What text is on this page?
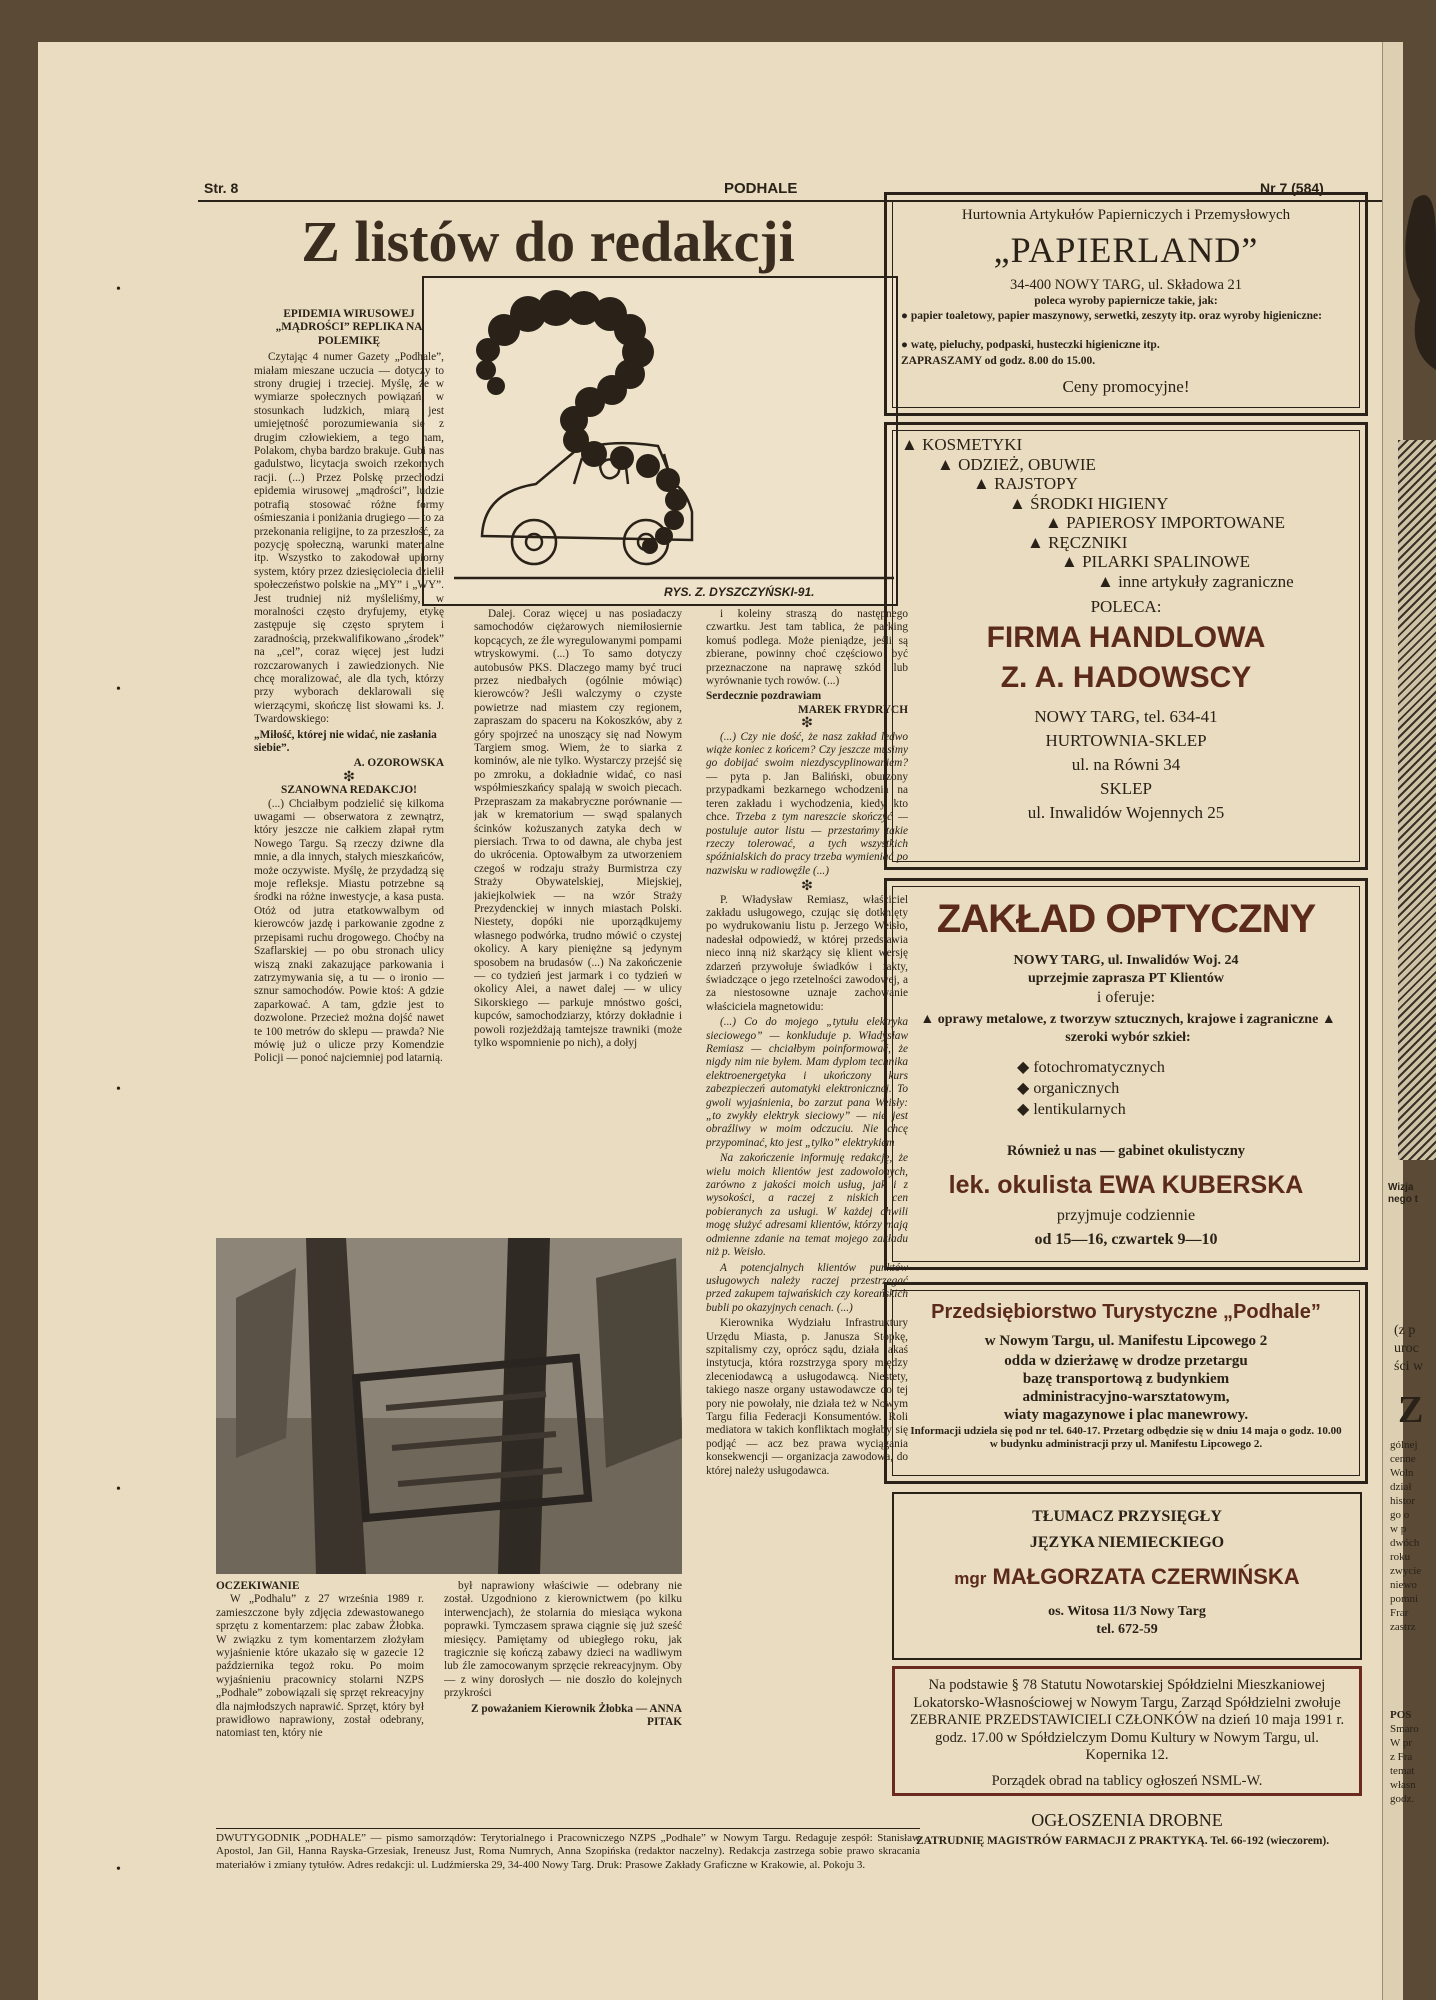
Str. 8	PODHALE	Nr 7 (584)
Z listów do redakcji
RYS. Z. DYSZCZYŃSKI-91.
EPIDEMIA WIRUSOWEJ „MĄDROŚCI” REPLIKA NA POLEMIKĘ

Czytając 4 numer Gazety „Podhale”, miałam mieszane uczucia — dotyczy to strony drugiej i trzeciej. Myślę, że w wymiarze społecznych powiązań, w stosunkach ludzkich, miarą jest umiejętność porozumiewania się z drugim człowiekiem, a tego nam, Polakom, chyba bardzo brakuje. Gubi nas gadulstwo, licytacja swoich rzekomych racji. (...) Przez Polskę przechodzi epidemia wirusowej „mądrości”, ludzie potrafią stosować różne formy ośmieszania i poniżania drugiego — to za przekonania religijne, to za przeszłość, za pozycję społeczną, warunki materialne itp. Wszystko to zakodował upiorny system, który przez dziesięciolecia dzielił społeczeństwo polskie na „MY” i „WY”. Jest trudniej niż myśleliśmy, w moralności często dryfujemy, etykę zastępuje się często sprytem i zaradnością, przekwalifikowano „środek” na „cel”, coraz więcej jest ludzi rozczarowanych i zawiedzionych. Nie chcę moralizować, ale dla tych, którzy przy wyborach deklarowali się wierzącymi, skończę list słowami ks. J. Twardowskiego:

„Miłość, której nie widać, nie zasłania siebie”.

A. OZOROWSKA
❇
SZANOWNA REDAKCJO!

(...) Chciałbym podzielić się kilkoma uwagami — obserwatora z zewnątrz, który jeszcze nie całkiem złapał rytm Nowego Targu. Są rzeczy dziwne dla mnie, a dla innych, stałych mieszkańców, może oczywiste. Myślę, że przydadzą się moje refleksje. Miastu potrzebne są środki na różne inwestycje, a kasa pusta. Otóż od jutra etatkowwalbym od kierowców jazdę i parkowanie zgodne z przepisami ruchu drogowego. Choćby na Szaflarskiej — po obu stronach ulicy wiszą znaki zakazujące parkowania i zatrzymywania się, a tu — o ironio — sznur samochodów. Powie ktoś: A gdzie zaparkować. A tam, gdzie jest to dozwolone. Przecież można dojść nawet te 100 metrów do sklepu — prawda? Nie mówię już o ulicze przy Komendzie Policji — ponoć najciemniej pod latarnią.

Dalej. Coraz więcej u nas posiadaczy samochodów ciężarowych niemiłosiernie kopcących, ze źle wyregulowanymi pompami wtryskowymi. (...) To samo dotyczy autobusów PKS. Dlaczego mamy być truci przez niedbałych (ogólnie mówiąc) kierowców? Jeśli walczymy o czyste powietrze nad miastem czy regionem, zapraszam do spaceru na Kokoszków, aby z góry spojrzeć na unoszący się nad Nowym Targiem smog. Wiem, że to siarka z kominów, ale nie tylko. Wystarczy przejść się po zmroku, a dokładnie widać, co nasi współmieszkańcy spalają w swoich piecach. Przepraszam za makabryczne porównanie — jak w krematorium — swąd spalanych ścinków kożuszanych zatyka dech w piersiach. Trwa to od dawna, ale chyba jest do ukrócenia. Optowałbym za utworzeniem czegoś w rodzaju straży Burmistrza czy Straży Obywatelskiej, Miejskiej, jakiejkolwiek — na wzór Straży Prezydenckiej w innych miastach Polski. Niestety, dopóki nie uporządkujemy własnego podwórka, trudno mówić o czystej okolicy. A kary pieniężne są jedynym sposobem na brudasów (...) Na zakończenie — co tydzień jest jarmark i co tydzień w okolicy Alei, a nawet dalej — w ulicy Sikorskiego — parkuje mnóstwo gości, kupców, samochodziarzy, którzy dokładnie i powoli rozjeżdżają tamtejsze trawniki (może tylko wspomnienie po nich), a dołyj

i koleiny straszą do następnego czwartku. Jest tam tablica, że parking komuś podlega. Może pieniądze, jeśli są zbierane, powinny choć częściowo być przeznaczone na naprawę szkód lub wyrównanie tych rowów. (...)

Serdecznie pozdrawiam
MAREK FRYDRYCH
❇

(...) Czy nie dość, że nasz zakład ledwo wiąże koniec z końcem? Czy jeszcze musimy go dobijać swoim niezdyscyplinowaniem? — pyta p. Jan Baliński, oburzony przypadkami bezkarnego wchodzenia na teren zakładu i wychodzenia, kiedy kto chce. Trzeba z tym nareszcie skończyć — postuluje autor listu — przestańmy takie rzeczy tolerować, a tych wszystkich spóźnialskich do pracy trzeba wymieniać po nazwisku w radiowęźle (...)

❇

P. Władysław Remiasz, właściciel zakładu usługowego, czując się dotknięty po wydrukowaniu listu p. Jerzego Weisło, nadesłał odpowiedź, w której przedstawia nieco inną niż skarżący się klient wersję zdarzeń przywołuje świadków i fakty, świadczące o jego rzetelności zawodowej, a za niestosowne uznaje zachowanie właściciela magnetowidu:

(...) Co do mojego „tytułu elektryka sieciowego” — konkluduje p. Władysław Remiasz — chciałbym poinformować, że nigdy nim nie byłem. Mam dyplom technika elektroenergetyka i ukończony kurs zabezpieczeń automatyki elektronicznej. To gwoli wyjaśnienia, bo zarzut pana Weisły: „to zwykły elektryk sieciowy” — nie jest obraźliwy w moim odczuciu. Nie chcę przypominać, kto jest „tylko” elektrykiem

Na zakończenie informuję redakcję, że wielu moich klientów jest zadowolonych, zarówno z jakości moich usług, jak i z wysokości, a raczej z niskich cen pobieranych za usługi. W każdej chwili mogę służyć adresami klientów, którzy mają odmienne zdanie na temat mojego zakładu niż p. Weisło.

A potencjalnych klientów punktów usługowych należy raczej przestrzegać przed zakupem tajwańskich czy koreańskich bubli po okazyjnych cenach. (...)

Kierownika Wydziału Infrastruktury Urzędu Miasta, p. Janusza Stopkę, szpitalismy czy, oprócz sądu, działa jakaś instytucja, która rozstrzyga spory między zleceniodawcą a usługodawcą. Niestety, takiego nasze organy ustawodawcze do tej pory nie powołały, nie działa też w Nowym Targu filia Federacji Konsumentów. Roli mediatora w takich konfliktach mogłaby się podjąć — acz bez prawa wyciągania konsekwencji — organizacja zawodowa, do której należy usługodawca.

OCZEKIWANIE

W „Podhalu” z 27 września 1989 r. zamieszczone były zdjęcia zdewastowanego sprzętu z komentarzem: plac zabaw Żłobka. W związku z tym komentarzem złożyłam wyjaśnienie które ukazało się w gazecie 12 października tegoż roku. Po moim wyjaśnieniu pracownicy stolarni NZPS „Podhale” zobowiązali się sprzęt rekreacyjny dla najmłodszych naprawić. Sprzęt, który był prawidłowo naprawiony, został odebrany, natomiast ten, który nie

był naprawiony właściwie — odebrany nie został. Uzgodniono z kierownictwem (po kilku interwencjach), że stolarnia do miesiąca wykona poprawki. Tymczasem sprawa ciągnie się już sześć miesięcy. Pamiętamy od ubiegłego roku, jak tragicznie się kończą zabawy dzieci na wadliwym lub źle zamocowanym sprzęcie rekreacyjnym. Oby — z winy dorosłych — nie doszło do kolejnych przykrości

Z poważaniem Kierownik Żłobka — ANNA PITAK

DWUTYGODNIK „PODHALE” — pismo samorządów: Terytorialnego i Pracowniczego NZPS „Podhale” w Nowym Targu. Redaguje zespół: Stanisław Apostol, Jan Gil, Hanna Rayska-Grzesiak, Ireneusz Just, Roma Numrych, Anna Szopińska (redaktor naczelny). Redakcja zastrzega sobie prawo skracania materiałów i zmiany tytułów. Adres redakcji: ul. Ludźmierska 29, 34-400 Nowy Targ. Druk: Prasowe Zakłady Graficzne w Krakowie, al. Pokoju 3.

Hurtownia Artykułów Papierniczych i Przemysłowych
„PAPIERLAND”
34-400 NOWY TARG, ul. Składowa 21
poleca wyroby papiernicze takie, jak:
● papier toaletowy, papier maszynowy, serwetki, zeszyty itp. oraz wyroby higieniczne:
● watę, pieluchy, podpaski, husteczki higieniczne itp.
ZAPRASZAMY od godz. 8.00 do 15.00.
Ceny promocyjne!
▲ KOSMETYKI
▲ ODZIEŻ, OBUWIE
▲ RAJSTOPY
▲ ŚRODKI HIGIENY
▲ PAPIEROSY IMPORTOWANE
▲ RĘCZNIKI
▲ PILARKI SPALINOWE
▲ inne artykuły zagraniczne
POLECA:
FIRMA HANDLOWA
Z. A. HADOWSCY
NOWY TARG, tel. 634-41
HURTOWNIA-SKLEP
ul. na Równi 34
SKLEP
ul. Inwalidów Wojennych 25
ZAKŁAD OPTYCZNY
NOWY TARG, ul. Inwalidów Woj. 24
uprzejmie zaprasza PT Klientów
i oferuje:
▲ oprawy metalowe, z tworzyw sztucznych, krajowe i zagraniczne ▲ szeroki wybór szkieł:
◆ fotochromatycznych
◆ organicznych
◆ lentikularnych
Również u nas — gabinet okulistyczny
lek. okulista EWA KUBERSKA
przyjmuje codziennie
od 15—16, czwartek 9—10
Przedsiębiorstwo Turystyczne „Podhale”
w Nowym Targu, ul. Manifestu Lipcowego 2
odda w dzierżawę w drodze przetargu
bazę transportową z budynkiem
administracyjno-warsztatowym,
wiaty magazynowe i plac manewrowy.
Informacji udziela się pod nr tel. 640-17. Przetarg odbędzie się w dniu 14 maja o godz. 10.00 w budynku administracji przy ul. Manifestu Lipcowego 2.
TŁUMACZ PRZYSIĘGŁY
JĘZYKA NIEMIECKIEGO
mgr MAŁGORZATA CZERWIŃSKA
os. Witosa 11/3 Nowy Targ
tel. 672-59
Na podstawie § 78 Statutu Nowotarskiej Spółdzielni Mieszkaniowej Lokatorsko-Własnościowej w Nowym Targu, Zarząd Spółdzielni zwołuje ZEBRANIE PRZEDSTAWICIELI CZŁONKÓW na dzień 10 maja 1991 r. godz. 17.00 w Spółdzielczym Domu Kultury w Nowym Targu, ul. Kopernika 12.
Porządek obrad na tablicy ogłoszeń NSML-W.
OGŁOSZENIA DROBNE
ZATRUDNIĘ MAGISTRÓW FARMACJI Z PRAKTYKĄ. Tel. 66-192 (wieczorem).
•
•
•
•
•
Wizja nego t
(z p
uroc
ści w
Z
gólnej
cenne
Woln
dział
histor
go o
w p
dwóch
roku
zwycie
niewo
pomni
Frar
zastrz
POS
Smaro
W pr
z Fra
temat
własn
godz.
